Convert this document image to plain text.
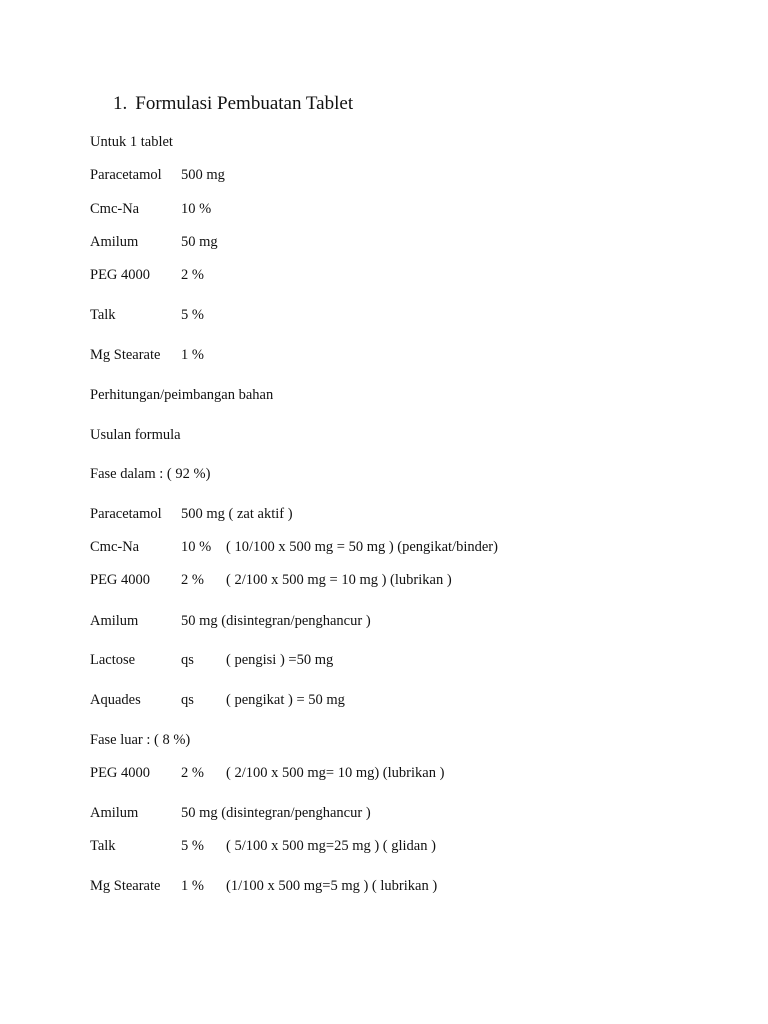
1. Formulasi Pembuatan Tablet
Untuk 1 tablet
Paracetamol 500 mg
Cmc-Na	10 %
Amilum	50 mg
PEG 4000 2 %
Talk	5 %
Mg Stearate 1 %
Perhitungan/peimbangan bahan
Usulan formula
Fase dalam : ( 92 %)
Paracetamol 500 mg ( zat aktif )
Cmc-Na	10 % ( 10/100 x 500 mg = 50 mg ) (pengikat/binder)
PEG 4000 2 % ( 2/100 x 500 mg = 10 mg ) (lubrikan )
Amilum	50 mg (disintegran/penghancur )
Lactose	qs ( pengisi ) =50 mg
Aquades	qs ( pengikat ) = 50 mg
Fase luar : ( 8 %)
PEG 4000 2 % ( 2/100 x 500 mg= 10 mg) (lubrikan )
Amilum	50 mg (disintegran/penghancur )
Talk	5 % ( 5/100 x 500 mg=25 mg ) ( glidan )
Mg Stearate 1 % (1/100 x 500 mg=5 mg ) ( lubrikan )
